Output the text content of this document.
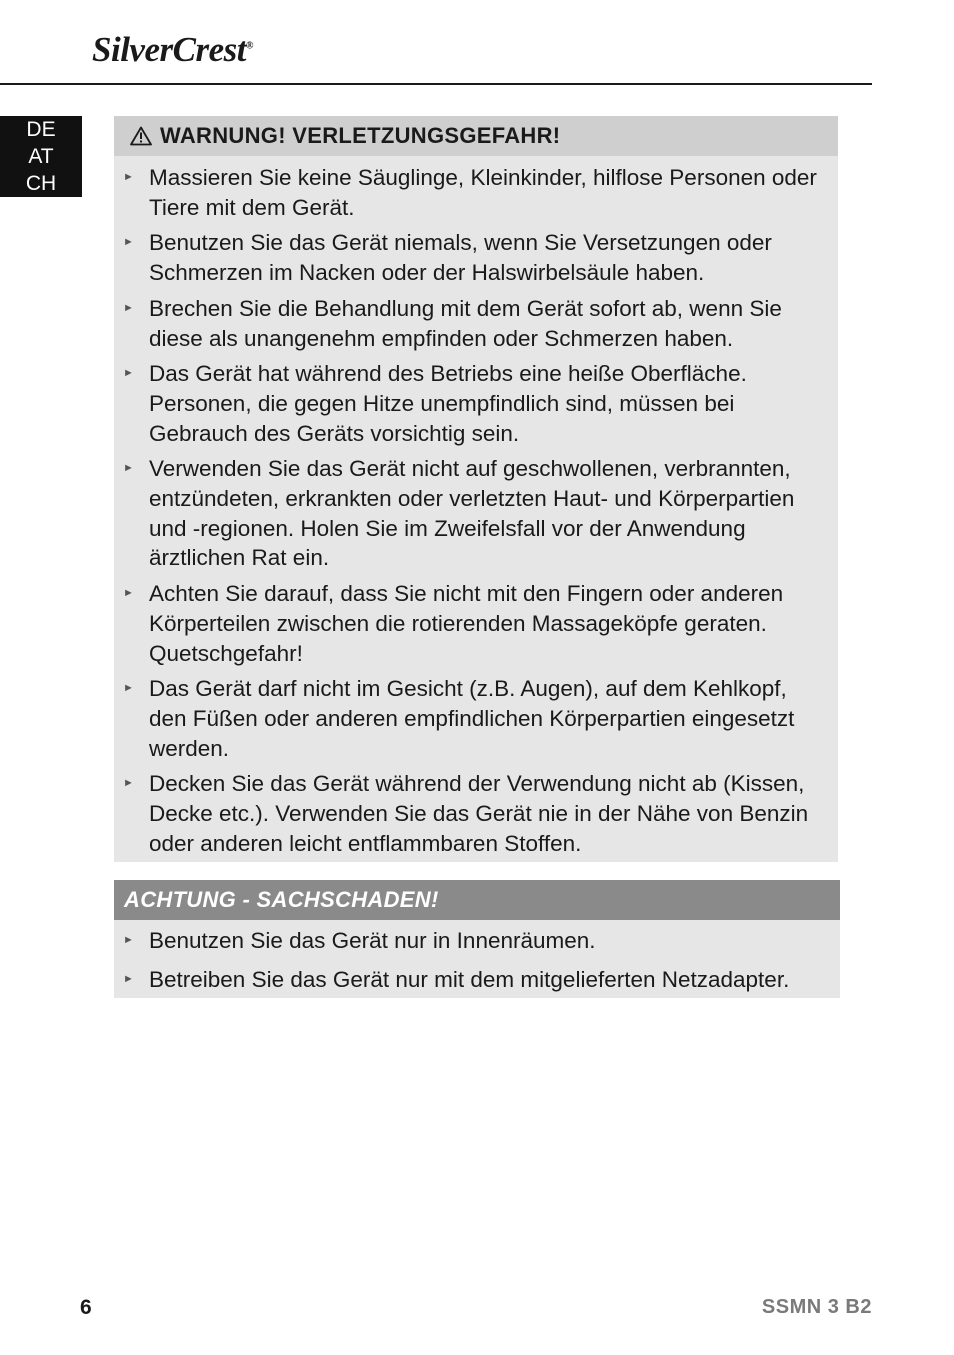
SilverCrest®
DE
AT
CH
WARNUNG! VERLETZUNGSGEFAHR!
► Massieren Sie keine Säuglinge, Kleinkinder, hilflose Personen oder Tiere mit dem Gerät.
► Benutzen Sie das Gerät niemals, wenn Sie Versetzungen oder Schmerzen im Nacken oder der Halswirbelsäule haben.
► Brechen Sie die Behandlung mit dem Gerät sofort ab, wenn Sie diese als unangenehm empfinden oder Schmerzen haben.
► Das Gerät hat während des Betriebs eine heiße Oberfläche. Personen, die gegen Hitze unempfindlich sind, müssen bei Gebrauch des Geräts vorsichtig sein.
► Verwenden Sie das Gerät nicht auf geschwollenen, verbrannten, entzündeten, erkrankten oder verletzten Haut- und Körperpartien und -regionen. Holen Sie im Zweifelsfall vor der Anwendung ärztlichen Rat ein.
► Achten Sie darauf, dass Sie nicht mit den Fingern oder anderen Körperteilen zwischen die rotierenden Massageköpfe geraten. Quetschgefahr!
► Das Gerät darf nicht im Gesicht (z.B. Augen), auf dem Kehlkopf, den Füßen oder anderen empfindlichen Körperpartien eingesetzt werden.
► Decken Sie das Gerät während der Verwendung nicht ab (Kissen, Decke etc.). Verwenden Sie das Gerät nie in der Nähe von Benzin oder anderen leicht entflammbaren Stoffen.
ACHTUNG - SACHSCHADEN!
► Benutzen Sie das Gerät nur in Innenräumen.
► Betreiben Sie das Gerät nur mit dem mitgelieferten Netzadapter.
6	SSMN 3 B2
